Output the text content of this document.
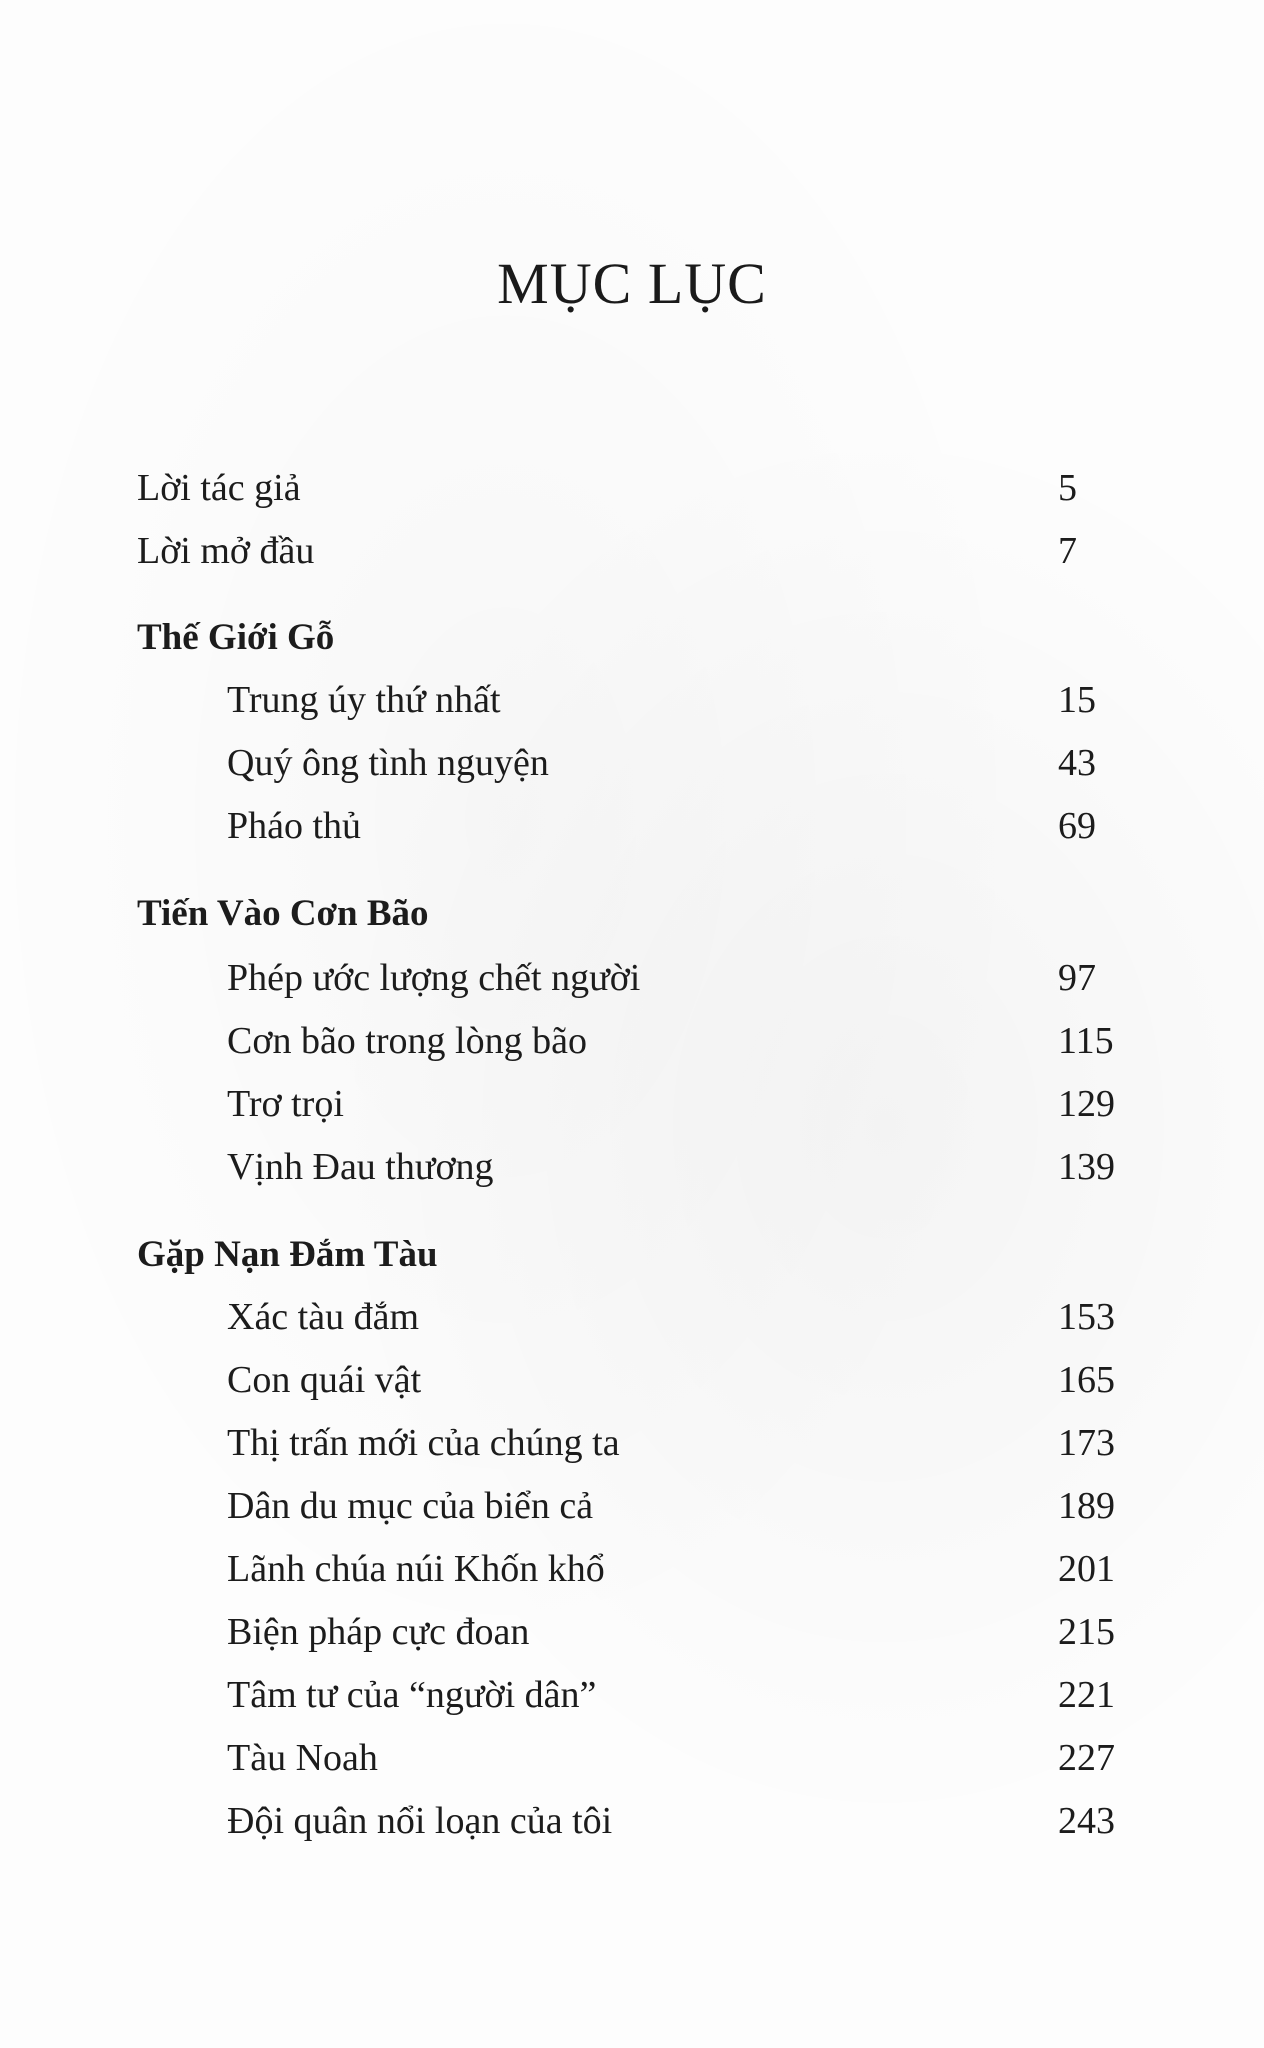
MỤC LỤC
Lời tác giả	5
Lời mở đầu	7
Thế Giới Gỗ
Trung úy thứ nhất	15
Quý ông tình nguyện	43
Pháo thủ	69
Tiến Vào Cơn Bão
Phép ước lượng chết người	97
Cơn bão trong lòng bão	115
Trơ trọi	129
Vịnh Đau thương	139
Gặp Nạn Đắm Tàu
Xác tàu đắm	153
Con quái vật	165
Thị trấn mới của chúng ta	173
Dân du mục của biển cả	189
Lãnh chúa núi Khốn khổ	201
Biện pháp cực đoan	215
Tâm tư của “người dân”	221
Tàu Noah	227
Đội quân nổi loạn của tôi	243
